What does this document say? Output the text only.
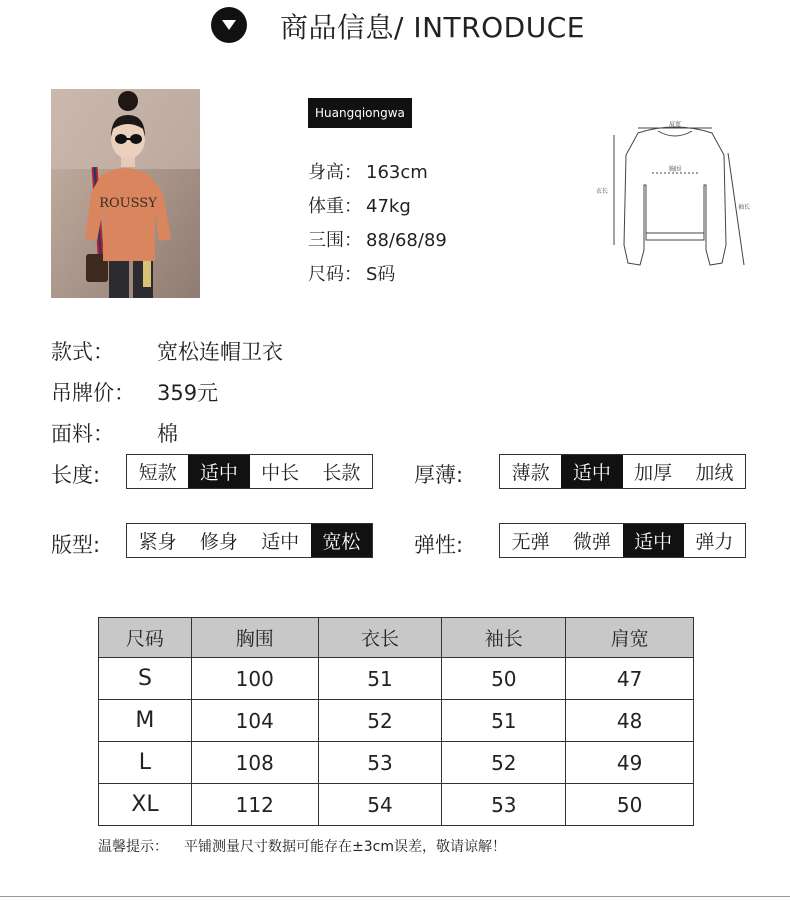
商品信息/ INTRODUCE
ROUSSY
Huangqiongwa
身高： 163cm
体重： 47kg
三围： 88/68/89
尺码： S码
肩宽
胸围
衣长
袖长
款式： 宽松连帽卫衣
吊牌价： 359元
面料： 棉
长度:	短款	适中	中长	长款	厚薄:	薄款	适中	加厚	加绒
版型:	紧身	修身	适中	宽松	弹性:	无弹	微弹	适中	弹力
尺码	胸围	衣长	袖长	肩宽
S	100	51	50	47
M	104	52	51	48
L	108	53	52	49
XL	112	54	53	50
温馨提示： 平铺测量尺寸数据可能存在±3cm误差，敬请谅解！
